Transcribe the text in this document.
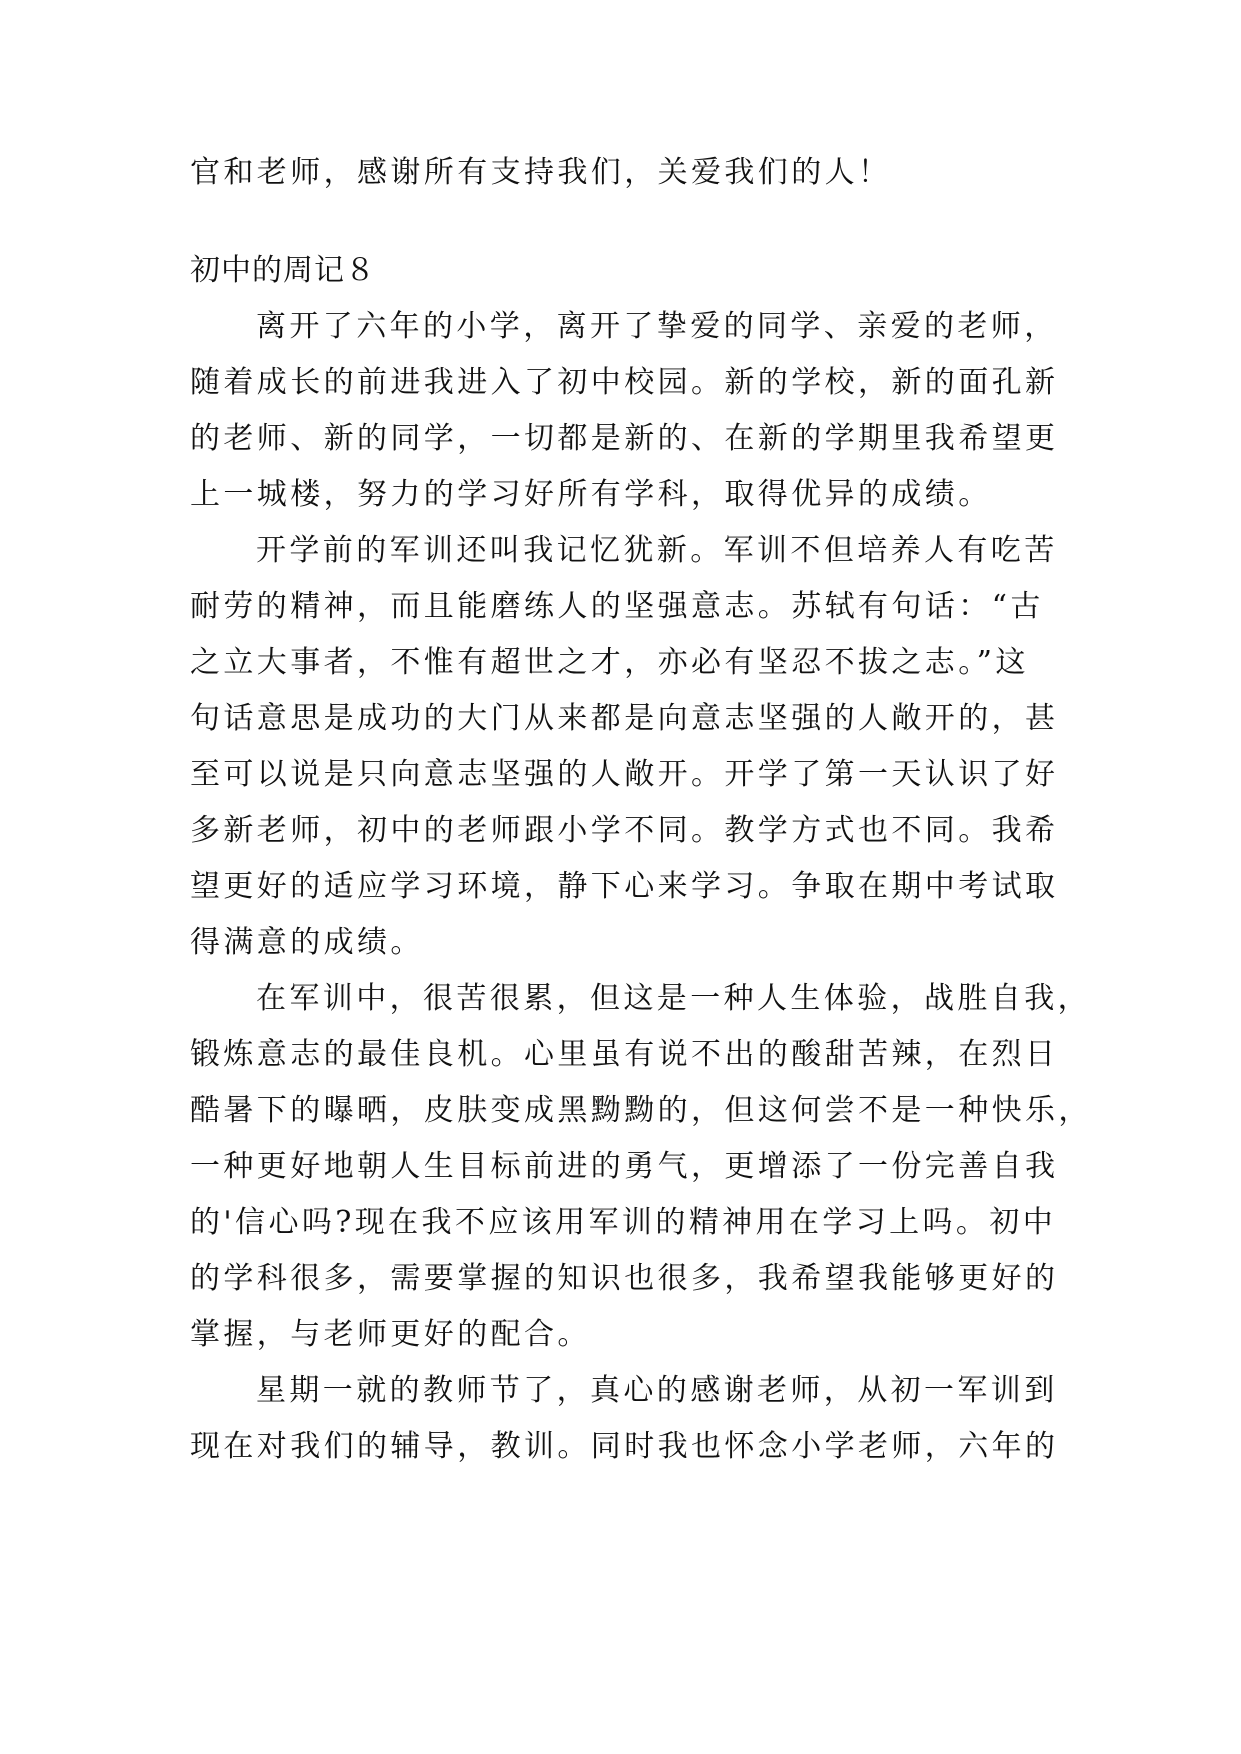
官和老师，感谢所有支持我们，关爱我们的人！

初中的周记８

离开了六年的小学，离开了挚爱的同学、亲爱的老师，

随着成长的前进我进入了初中校园。新的学校，新的面孔新

的老师、新的同学，一切都是新的、在新的学期里我希望更

上一城楼，努力的学习好所有学科，取得优异的成绩。

开学前的军训还叫我记忆犹新。军训不但培养人有吃苦

耐劳的精神，而且能磨练人的坚强意志。苏轼有句话：“古

之立大事者，不惟有超世之才，亦必有坚忍不拔之志。”这

句话意思是成功的大门从来都是向意志坚强的人敞开的，甚

至可以说是只向意志坚强的人敞开。开学了第一天认识了好

多新老师，初中的老师跟小学不同。教学方式也不同。我希

望更好的适应学习环境，静下心来学习。争取在期中考试取

得满意的成绩。

在军训中，很苦很累，但这是一种人生体验，战胜自我，

锻炼意志的最佳良机。心里虽有说不出的酸甜苦辣，在烈日

酷暑下的曝晒，皮肤变成黑黝黝的，但这何尝不是一种快乐，

一种更好地朝人生目标前进的勇气，更增添了一份完善自我

的'信心吗?现在我不应该用军训的精神用在学习上吗。初中

的学科很多，需要掌握的知识也很多，我希望我能够更好的

掌握，与老师更好的配合。

星期一就的教师节了，真心的感谢老师，从初一军训到

现在对我们的辅导，教训。同时我也怀念小学老师，六年的
